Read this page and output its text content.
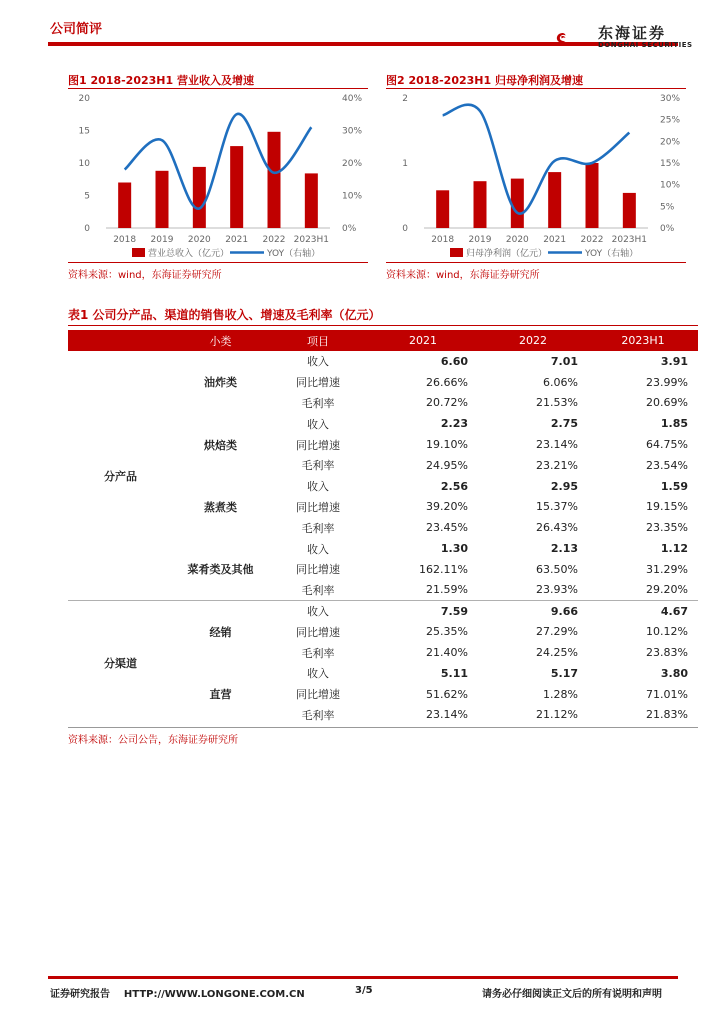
公司简评	东海证券
DONGHAI SECURITIES
图1 2018-2023H1 营业收入及增速
20
15
10
5
0
40%
30%
20%
10%
0%
2018 2019 2020 2021 2022 2023H1
营业总收入（亿元）	YOY（右轴）
资料来源：wind，东海证券研究所
图2 2018-2023H1 归母净利润及增速
2
1
0
30%
25%
20%
15%
10%
5%
0%
2018 2019 2020 2021 2022 2023H1
归母净利润（亿元）	YOY（右轴）
资料来源：wind，东海证券研究所
表1 公司分产品、渠道的销售收入、增速及毛利率（亿元）
	小类	项目	2021	2022	2023H1
分产品		收入	6.60	7.01	3.91
	油炸类	同比增速	26.66%	6.06%	23.99%
		毛利率	20.72%	21.53%	20.69%
		收入	2.23	2.75	1.85
	烘焙类	同比增速	19.10%	23.14%	64.75%
		毛利率	24.95%	23.21%	23.54%
		收入	2.56	2.95	1.59
	蒸煮类	同比增速	39.20%	15.37%	19.15%
		毛利率	23.45%	26.43%	23.35%
		收入	1.30	2.13	1.12
	菜肴类及其他	同比增速	162.11%	63.50%	31.29%
		毛利率	21.59%	23.93%	29.20%
分渠道		收入	7.59	9.66	4.67
	经销	同比增速	25.35%	27.29%	10.12%
		毛利率	21.40%	24.25%	23.83%
		收入	5.11	5.17	3.80
	直营	同比增速	51.62%	1.28%	71.01%
		毛利率	23.14%	21.12%	21.83%
资料来源：公司公告，东海证券研究所
证券研究报告    HTTP://WWW.LONGONE.COM.CN	3/5	请务必仔细阅读正文后的所有说明和声明
